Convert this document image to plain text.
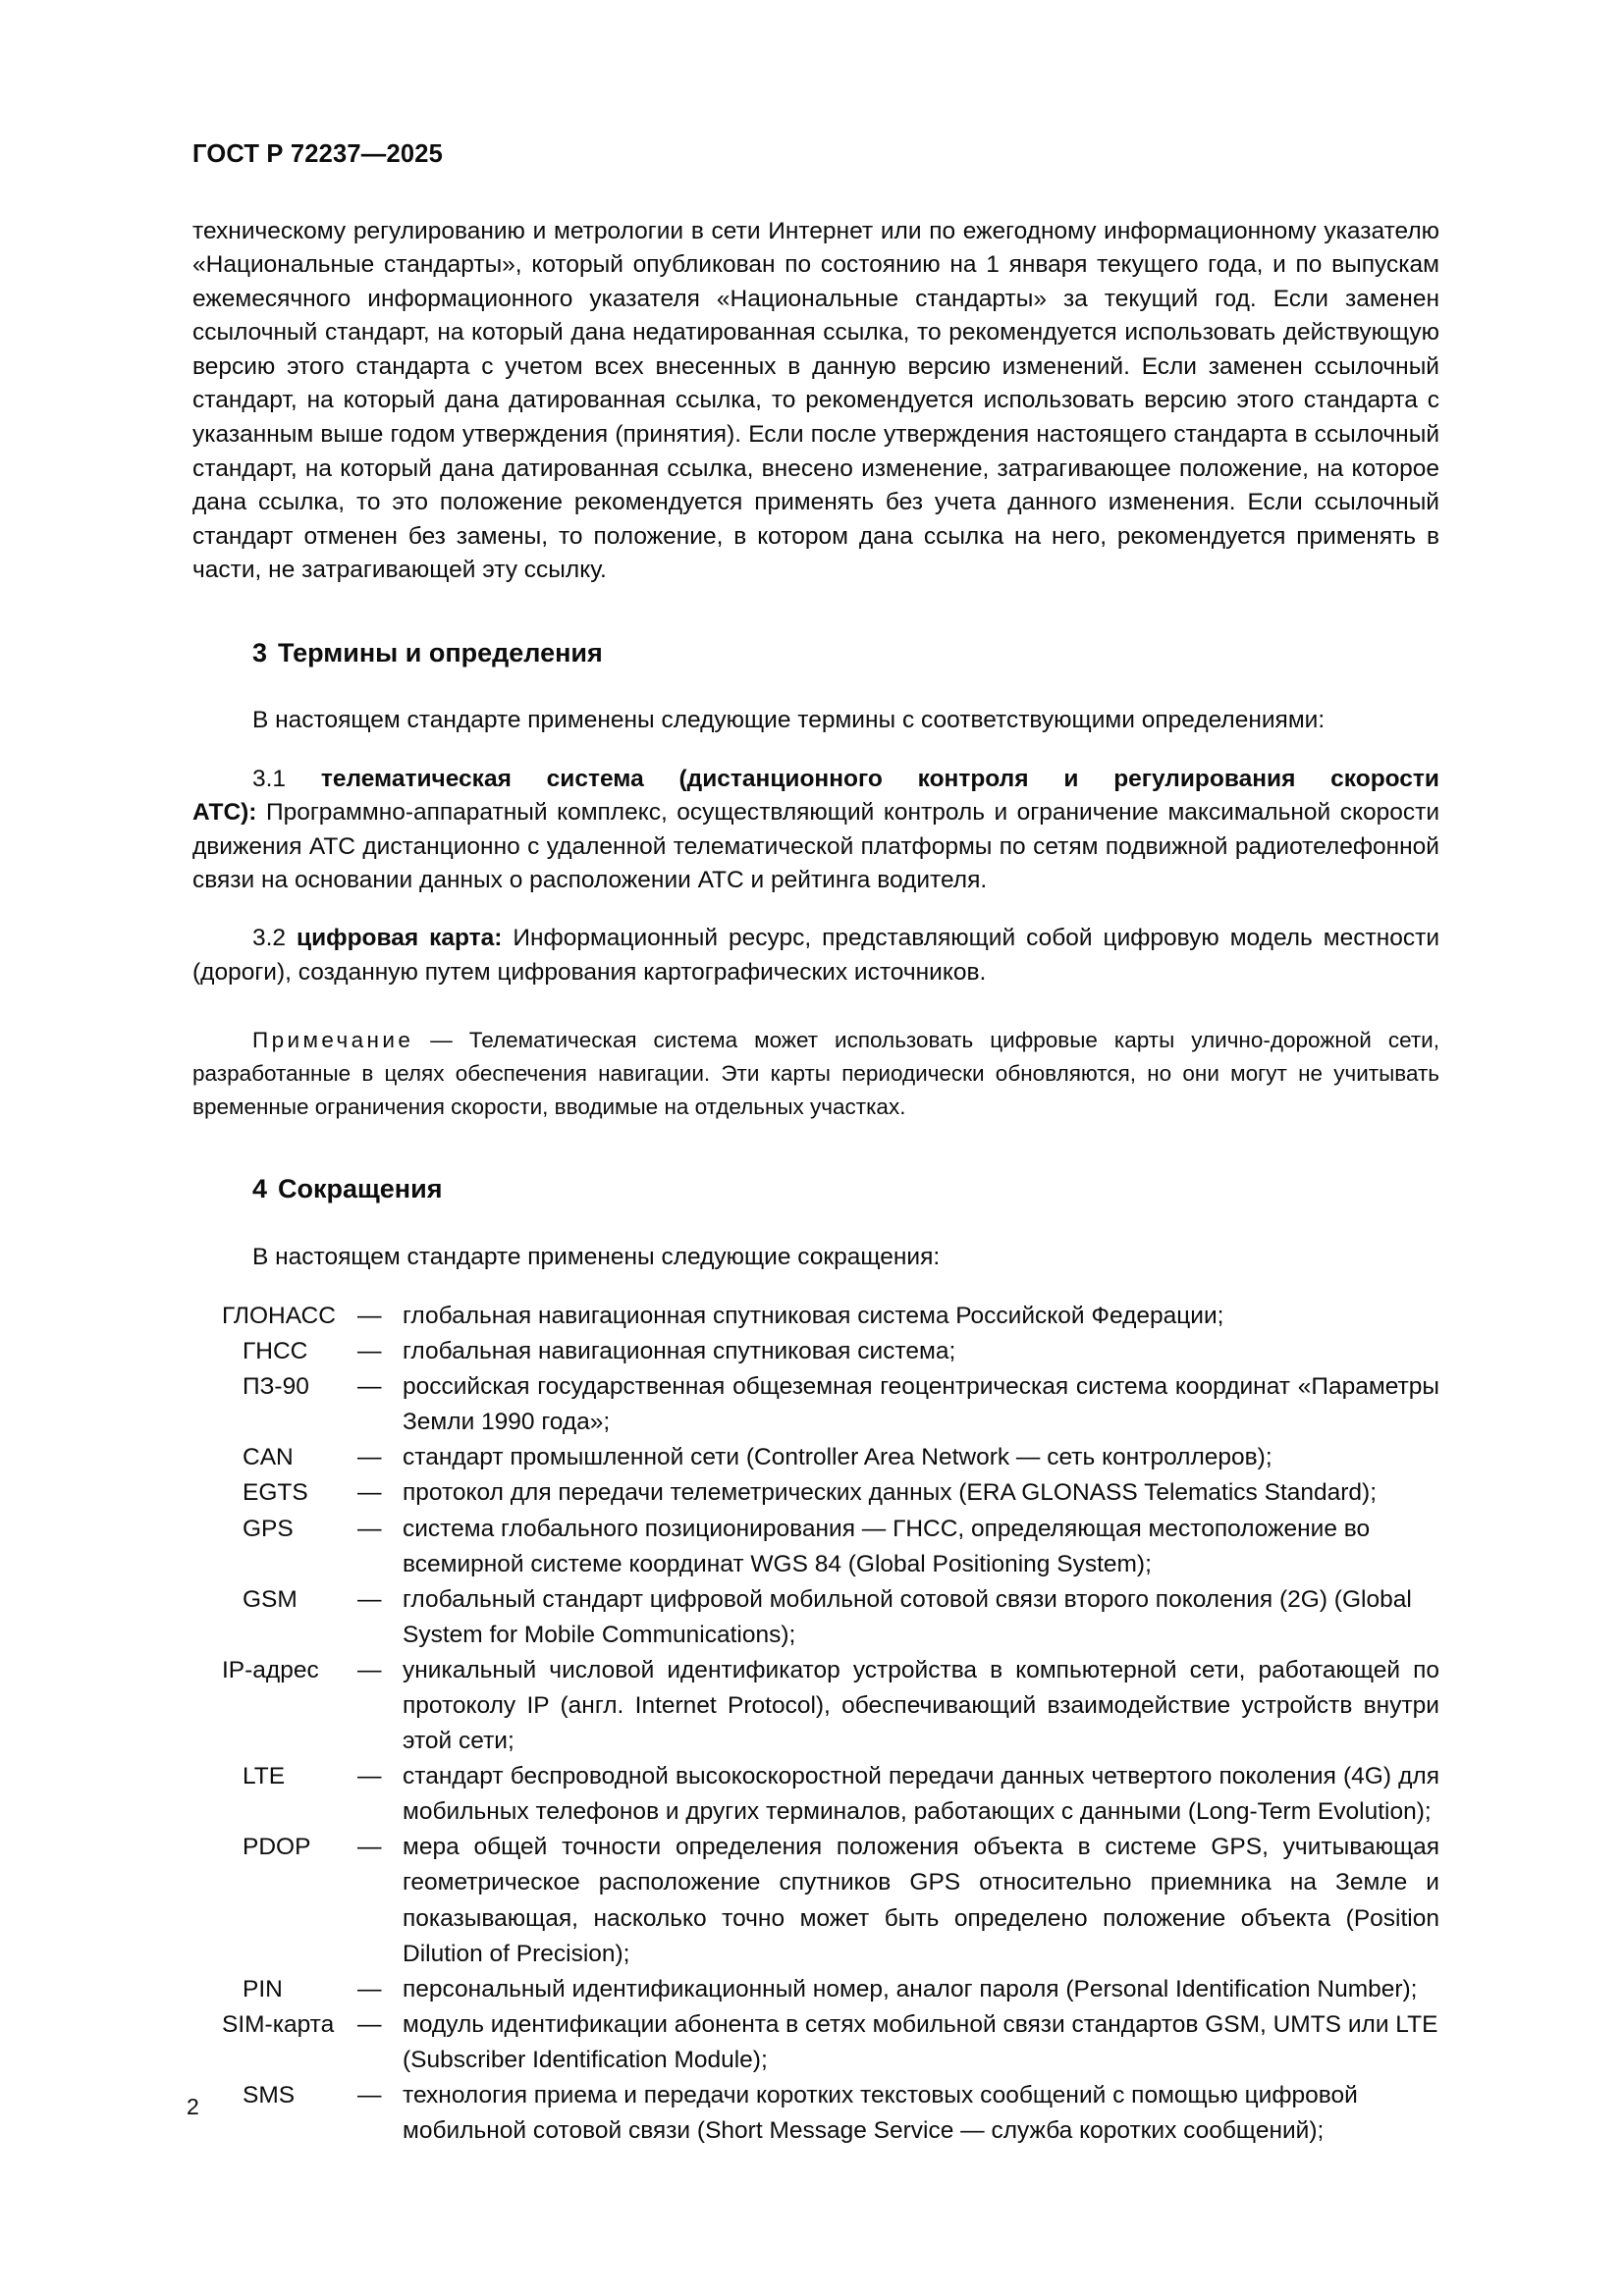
ГОСТ Р 72237—2025

техническому регулированию и метрологии в сети Интернет или по ежегодному информационному указателю «Национальные стандарты», который опубликован по состоянию на 1 января текущего года, и по выпускам ежемесячного информационного указателя «Национальные стандарты» за текущий год. Если заменен ссылочный стандарт, на который дана недатированная ссылка, то рекомендуется использовать действующую версию этого стандарта с учетом всех внесенных в данную версию изменений. Если заменен ссылочный стандарт, на который дана датированная ссылка, то рекомендуется использовать версию этого стандарта с указанным выше годом утверждения (принятия). Если после утверждения настоящего стандарта в ссылочный стандарт, на который дана датированная ссылка, внесено изменение, затрагивающее положение, на которое дана ссылка, то это положение рекомендуется применять без учета данного изменения. Если ссылочный стандарт отменен без замены, то положение, в котором дана ссылка на него, рекомендуется применять в части, не затрагивающей эту ссылку.

3 Термины и определения

В настоящем стандарте применены следующие термины с соответствующими определениями:

3.1 телематическая система (дистанционного контроля и регулирования скорости АТС): Программно-аппаратный комплекс, осуществляющий контроль и ограничение максимальной скорости движения АТС дистанционно с удаленной телематической платформы по сетям подвижной радиотелефонной связи на основании данных о расположении АТС и рейтинга водителя.

3.2 цифровая карта: Информационный ресурс, представляющий собой цифровую модель местности (дороги), созданную путем цифрования картографических источников.

Примечание — Телематическая система может использовать цифровые карты улично-дорожной сети, разработанные в целях обеспечения навигации. Эти карты периодически обновляются, но они могут не учитывать временные ограничения скорости, вводимые на отдельных участках.

4 Сокращения

В настоящем стандарте применены следующие сокращения:

ГЛОНАСС — глобальная навигационная спутниковая система Российской Федерации;
ГНСС	— глобальная навигационная спутниковая система;
ПЗ-90	— российская государственная общеземная геоцентрическая система координат «Параметры Земли 1990 года»;
CAN	— стандарт промышленной сети (Controller Area Network — сеть контроллеров);
EGTS	— протокол для передачи телеметрических данных (ERA GLONASS Telematics Standard);
GPS	— система глобального позиционирования — ГНСС, определяющая местоположение во всемирной системе координат WGS 84 (Global Positioning System);
GSM	— глобальный стандарт цифровой мобильной сотовой связи второго поколения (2G) (Global System for Mobile Communications);
IP-адрес	— уникальный числовой идентификатор устройства в компьютерной сети, работающей по протоколу IP (англ. Internet Protocol), обеспечивающий взаимодействие устройств внутри этой сети;
LTE	— стандарт беспроводной высокоскоростной передачи данных четвертого поколения (4G) для мобильных телефонов и других терминалов, работающих с данными (Long-Term Evolution);
PDOP	— мера общей точности определения положения объекта в системе GPS, учитывающая геометрическое расположение спутников GPS относительно приемника на Земле и показывающая, насколько точно может быть определено положение объекта (Position Dilution of Precision);
PIN	— персональный идентификационный номер, аналог пароля (Personal Identification Number);
SIM-карта — модуль идентификации абонента в сетях мобильной связи стандартов GSM, UMTS или LTE (Subscriber Identification Module);
SMS	— технология приема и передачи коротких текстовых сообщений с помощью цифровой мобильной сотовой связи (Short Message Service — служба коротких сообщений);
2
